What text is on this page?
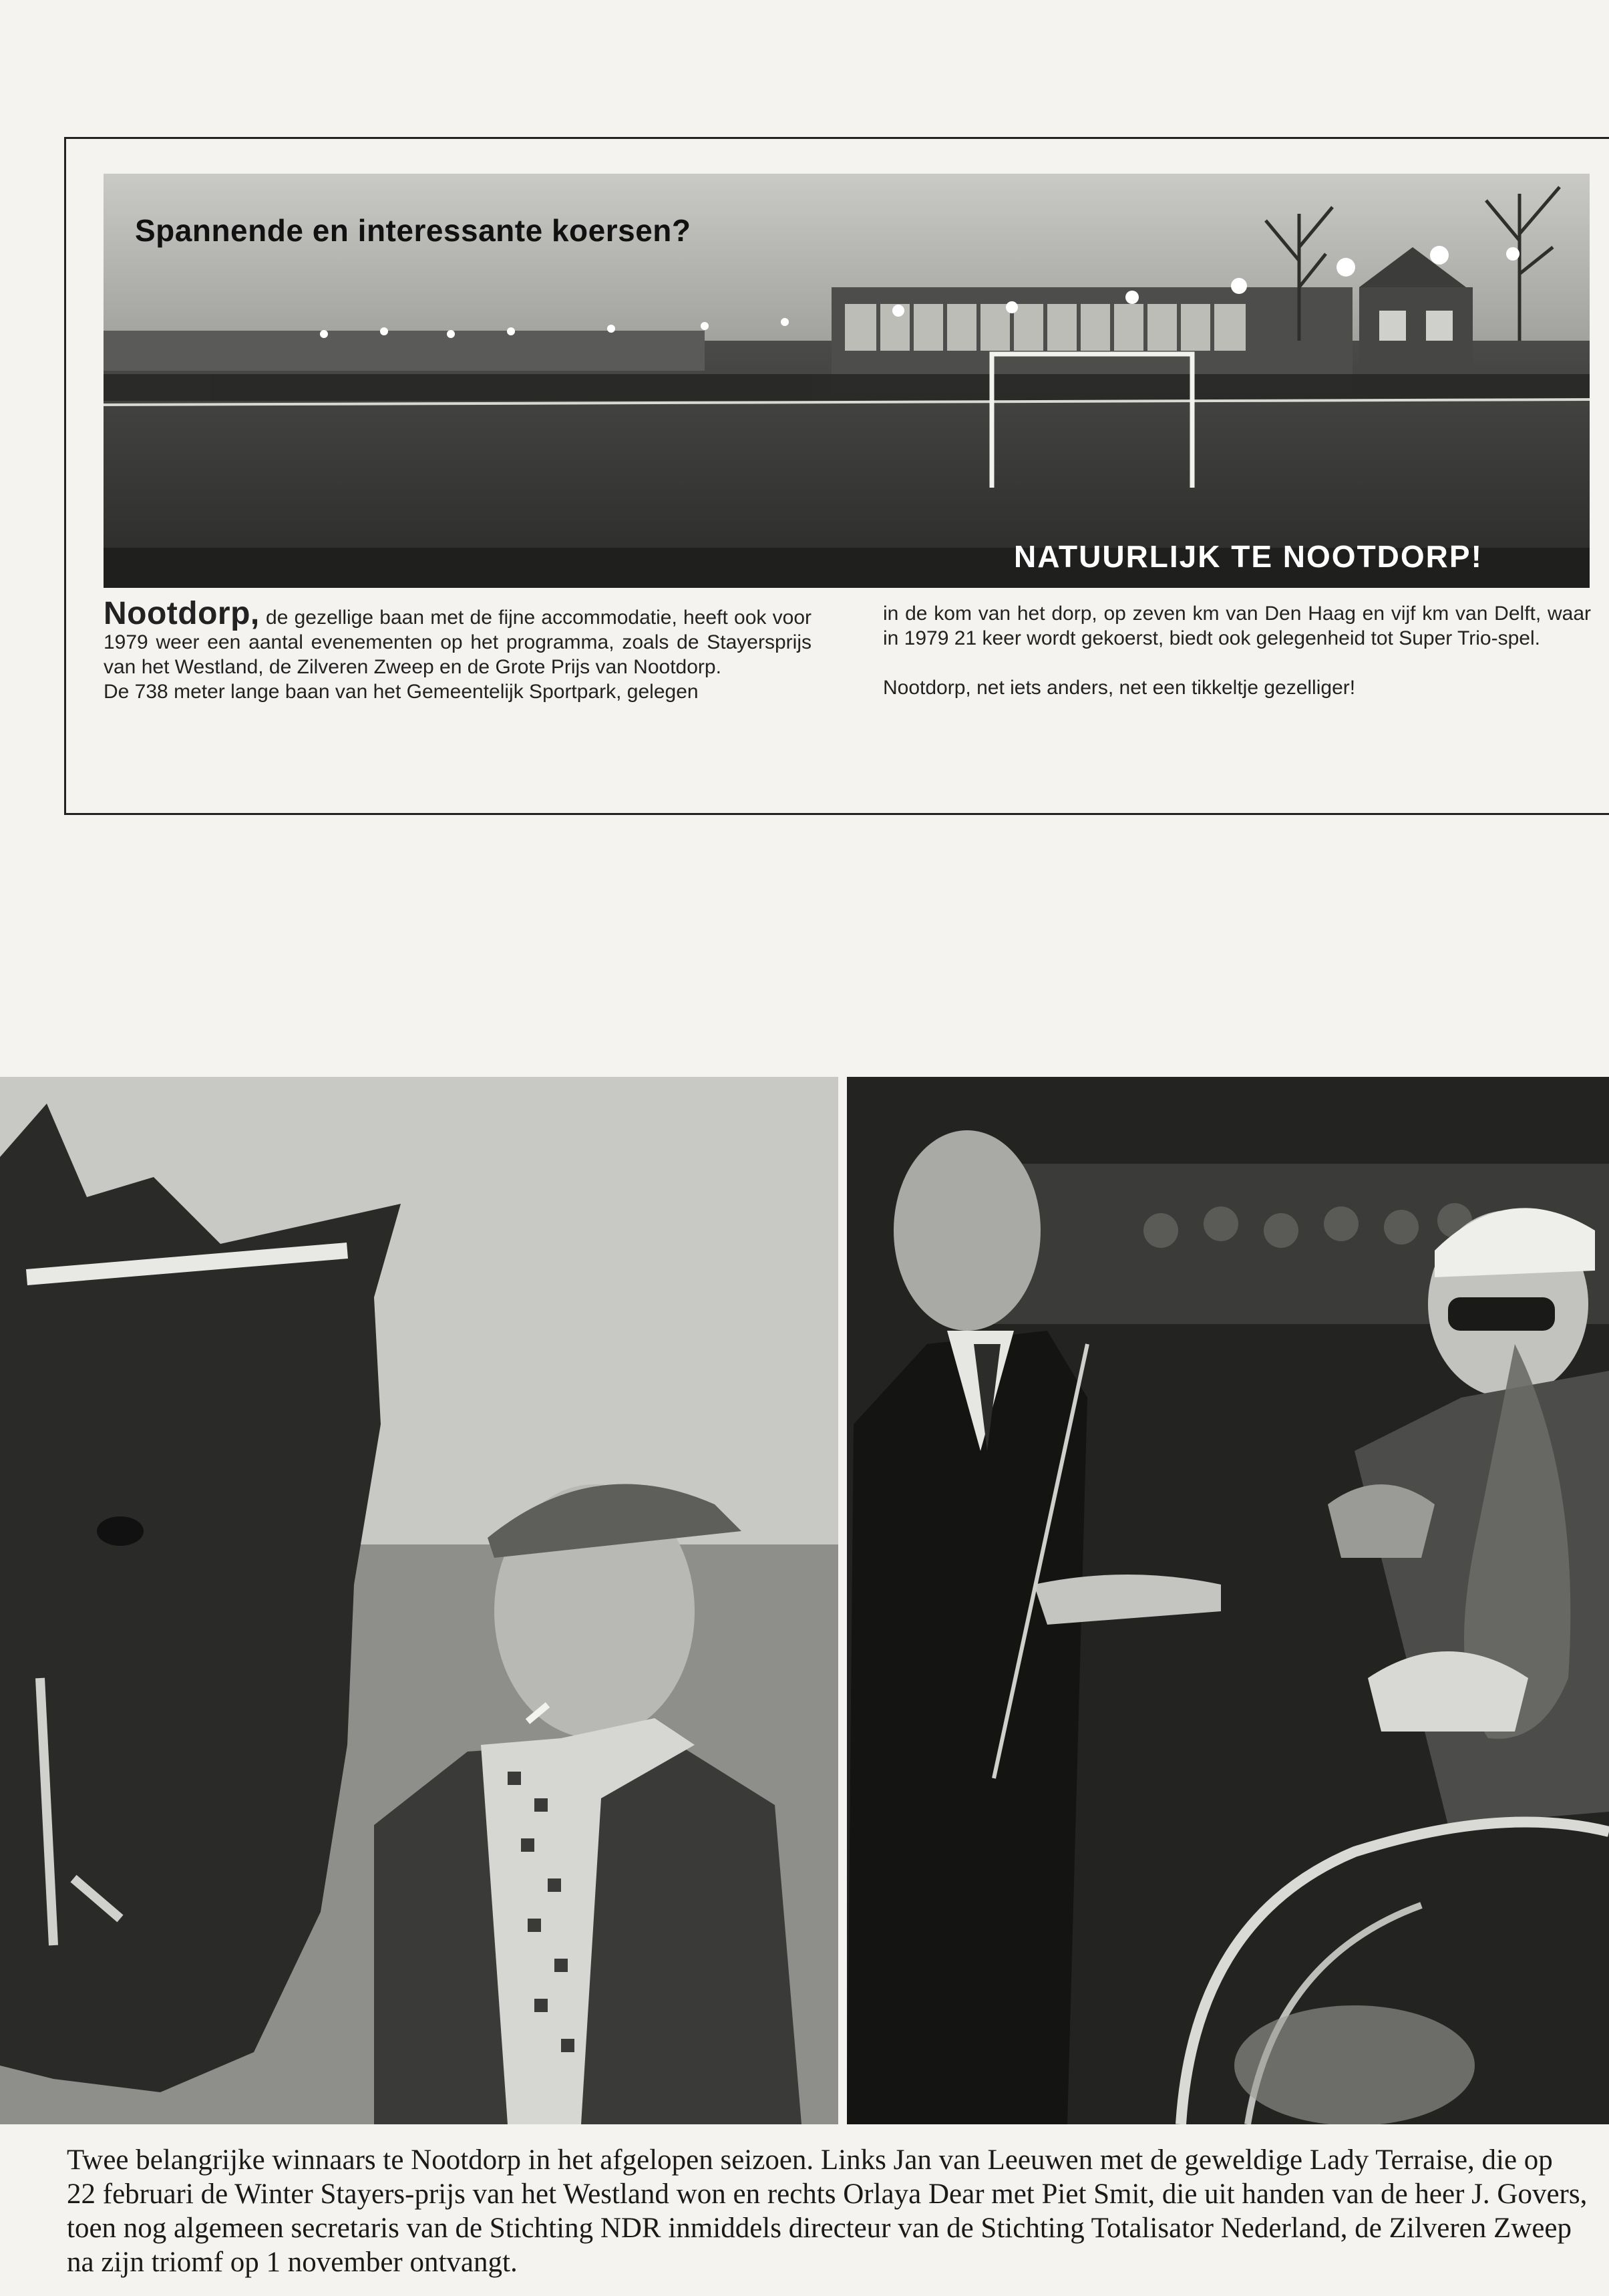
Spannende en interessante koersen?
NATUURLIJK TE NOOTDORP!

Nootdorp, de gezellige baan met de fijne accommodatie, heeft ook voor 1979 weer een aantal evenementen op het programma, zoals de Stayersprijs van het Westland, de Zilveren Zweep en de Grote Prijs van Nootdorp.

De 738 meter lange baan van het Gemeentelijk Sportpark, gelegen

in de kom van het dorp, op zeven km van Den Haag en vijf km van Delft, waar in 1979 21 keer wordt gekoerst, biedt ook gelegenheid tot Super Trio-spel.

Nootdorp, net iets anders, net een tikkeltje gezelliger!

Twee belangrijke winnaars te Nootdorp in het afgelopen seizoen. Links Jan van Leeuwen met de geweldige Lady Terraise, die op
22 februari de Winter Stayers-prijs van het Westland won en rechts Orlaya Dear met Piet Smit, die uit handen van de heer J. Govers,
toen nog algemeen secretaris van de Stichting NDR inmiddels directeur van de Stichting Totalisator Nederland, de Zilveren Zweep
na zijn triomf op 1 november ontvangt.
